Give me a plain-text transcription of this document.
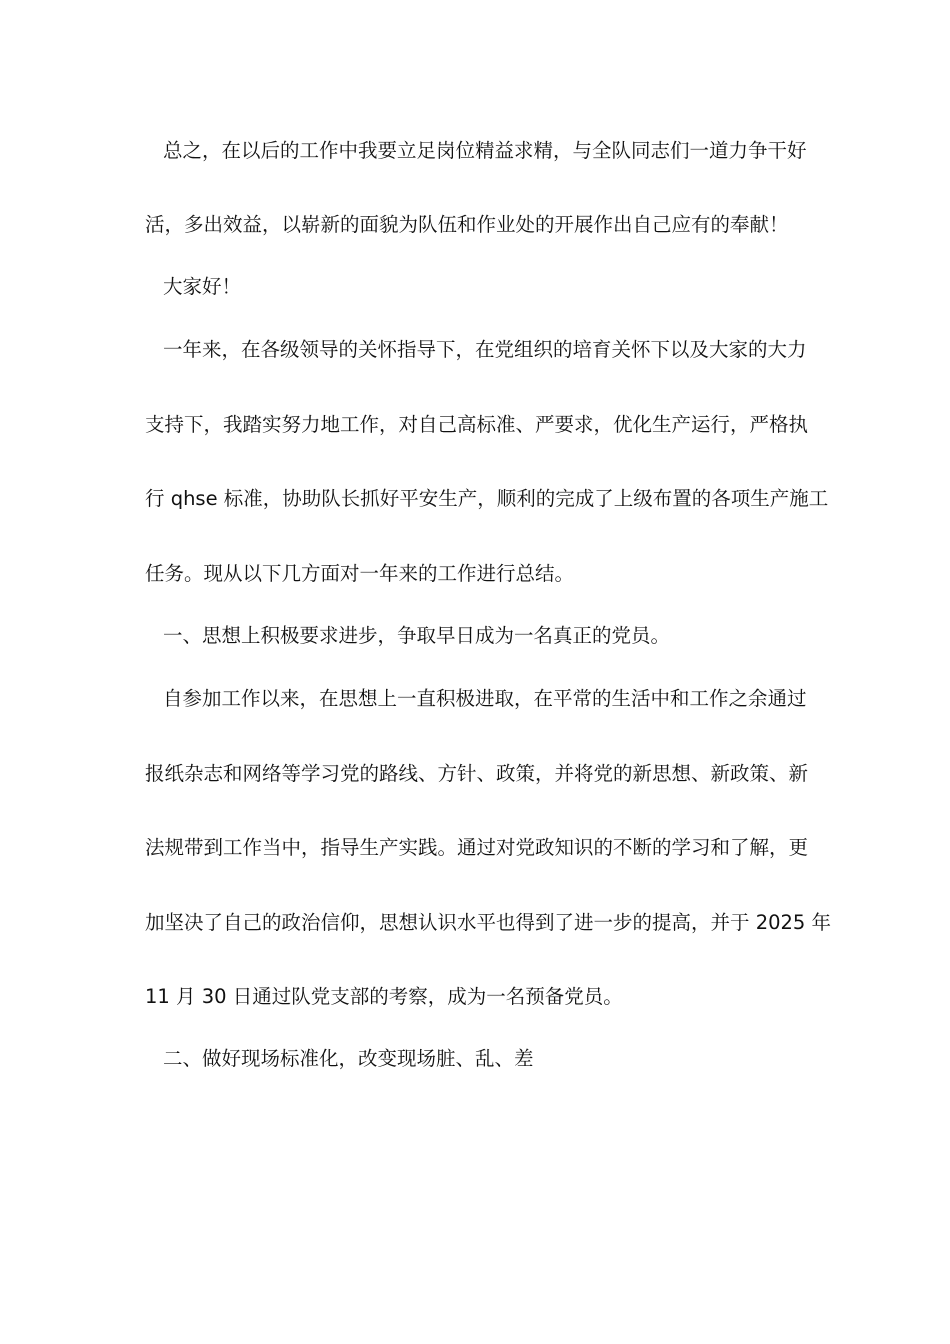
总之，在以后的工作中我要立足岗位精益求精，与全队同志们一道力争干好
活，多出效益，以崭新的面貌为队伍和作业处的开展作出自己应有的奉献！
大家好！
一年来，在各级领导的关怀指导下，在党组织的培育关怀下以及大家的大力
支持下，我踏实努力地工作，对自己高标准、严要求，优化生产运行，严格执
行 qhse 标准，协助队长抓好平安生产，顺利的完成了上级布置的各项生产施工
任务。现从以下几方面对一年来的工作进行总结。
一、思想上积极要求进步，争取早日成为一名真正的党员。
自参加工作以来，在思想上一直积极进取，在平常的生活中和工作之余通过
报纸杂志和网络等学习党的路线、方针、政策，并将党的新思想、新政策、新
法规带到工作当中，指导生产实践。通过对党政知识的不断的学习和了解，更
加坚决了自己的政治信仰，思想认识水平也得到了进一步的提高，并于 2025 年
11 月 30 日通过队党支部的考察，成为一名预备党员。
二、做好现场标准化，改变现场脏、乱、差
